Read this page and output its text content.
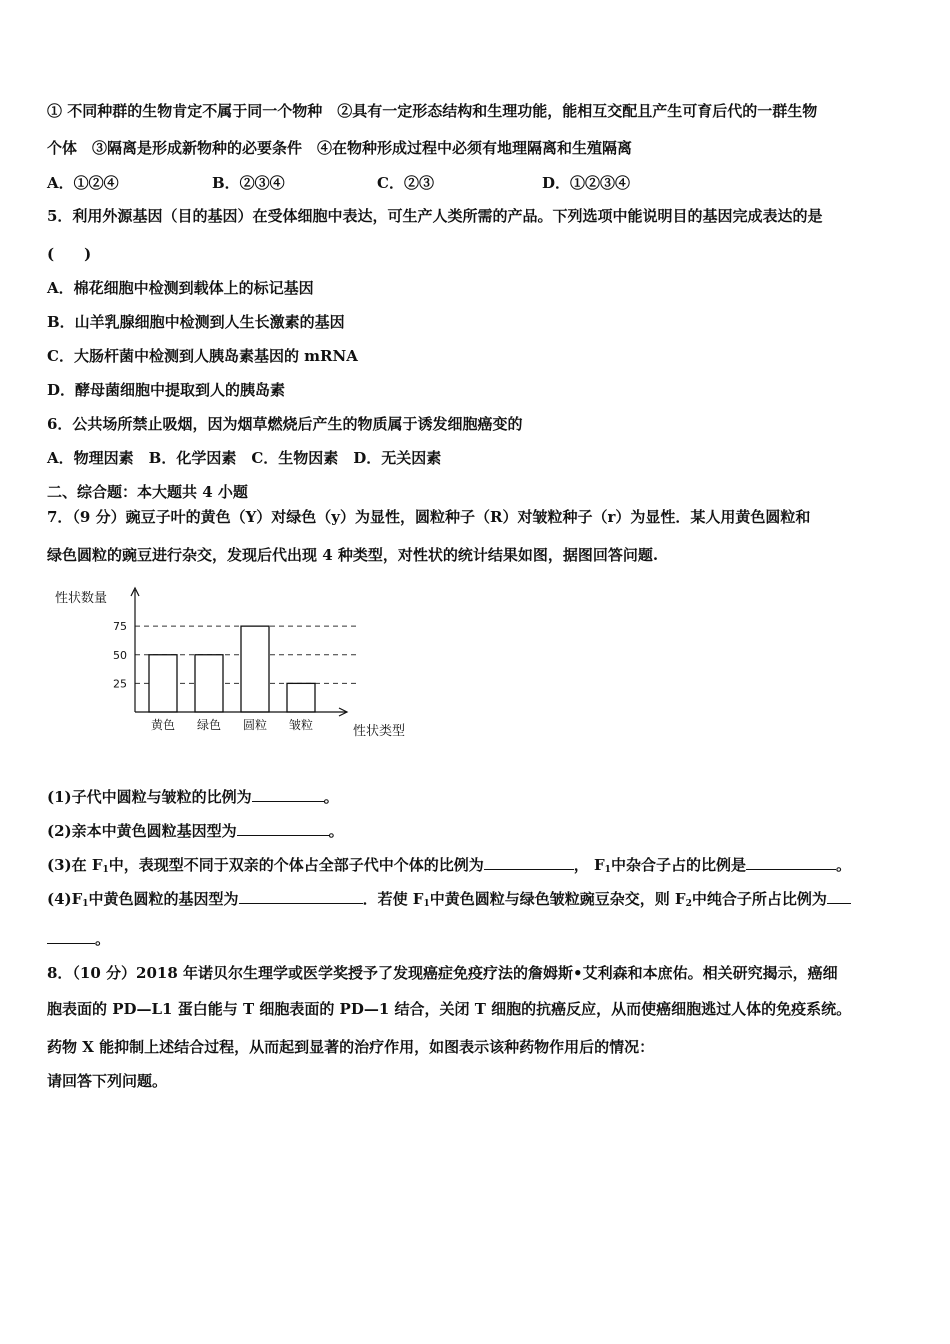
① 不同种群的生物肯定不属于同一个物种　②具有一定形态结构和生理功能，能相互交配且产生可育后代的一群生物
个体　③隔离是形成新物种的必要条件　④在物种形成过程中必须有地理隔离和生殖隔离
A．①②④	B．②③④	C．②③	D．①②③④
5．利用外源基因（目的基因）在受体细胞中表达，可生产人类所需的产品。下列选项中能说明目的基因完成表达的是
(　　)
A．棉花细胞中检测到载体上的标记基因
B．山羊乳腺细胞中检测到人生长激素的基因
C．大肠杆菌中检测到人胰岛素基因的 mRNA
D．酵母菌细胞中提取到人的胰岛素
6．公共场所禁止吸烟，因为烟草燃烧后产生的物质属于诱发细胞癌变的
A．物理因素　B．化学因素　C．生物因素　D．无关因素
二、综合题：本大题共 4 小题
7．（9 分）豌豆子叶的黄色（Y）对绿色（y）为显性，圆粒种子（R）对皱粒种子（r）为显性．某人用黄色圆粒和
绿色圆粒的豌豆进行杂交，发现后代出现 4 种类型，对性状的统计结果如图，据图回答问题.
性状数量
性状类型
25
50
75
黄色 绿色 圆粒 皱粒
(1)子代中圆粒与皱粒的比例为	。
(2)亲本中黄色圆粒基因型为	。
(3)在 $F_1$中，表现型不同于双亲的个体占全部子代中个体的比例为	， $F_1$中杂合子占的比例是	。
$(4)F_1$中黄色圆粒的基因型为	．若使 $F_1$中黄色圆粒与绿色皱粒豌豆杂交，则 $F_2$中纯合子所占比例为
。
8．（10 分）2018 年诺贝尔生理学或医学奖授予了发现癌症免疫疗法的詹姆斯•艾利森和本庶佑。相关研究揭示，癌细
胞表面的 PD—L1 蛋白能与 T 细胞表面的 PD—1 结合，关闭 T 细胞的抗癌反应，从而使癌细胞逃过人体的免疫系统。
药物 X 能抑制上述结合过程，从而起到显著的治疗作用，如图表示该种药物作用后的情况：
请回答下列问题。
